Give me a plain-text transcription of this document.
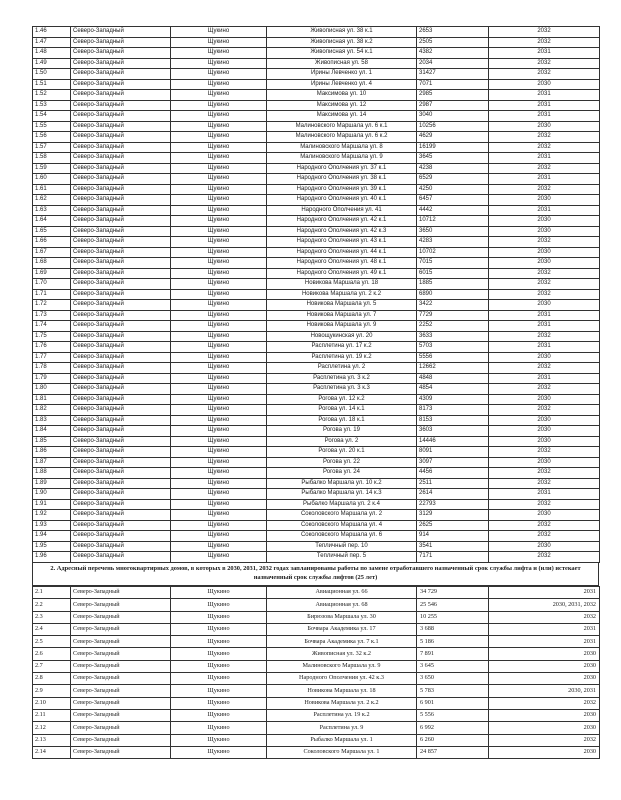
1.46	Северо-Западный	Щукино	Живописная ул. 38 к.1	2653	2032
1.47	Северо-Западный	Щукино	Живописная ул. 38 к.2	2505	2032
1.48	Северо-Западный	Щукино	Живописная ул. 54 к.1	4382	2031
1.49	Северо-Западный	Щукино	Живописная ул. 58	2034	2032
1.50	Северо-Западный	Щукино	Ирины Левченко ул. 1	31427	2032
1.51	Северо-Западный	Щукино	Ирины Левченко ул. 4	7071	2030
1.52	Северо-Западный	Щукино	Максимова ул. 10	2985	2031
1.53	Северо-Западный	Щукино	Максимова ул. 12	2987	2031
1.54	Северо-Западный	Щукино	Максимова ул. 14	3040	2031
1.55	Северо-Западный	Щукино	Малиновского Маршала ул. 6 к.1	10256	2030
1.56	Северо-Западный	Щукино	Малиновского Маршала ул. 6 к.2	4629	2032
1.57	Северо-Западный	Щукино	Малиновского Маршала ул. 8	16199	2032
1.58	Северо-Западный	Щукино	Малиновского Маршала ул. 9	3645	2031
1.59	Северо-Западный	Щукино	Народного Ополчения ул. 37 к.1	4238	2032
1.60	Северо-Западный	Щукино	Народного Ополчения ул. 38 к.1	6529	2031
1.61	Северо-Западный	Щукино	Народного Ополчения ул. 39 к.1	4250	2032
1.62	Северо-Западный	Щукино	Народного Ополчения ул. 40 к.1	6457	2030
1.63	Северо-Западный	Щукино	Народного Ополчения ул. 41	4442	2031
1.64	Северо-Западный	Щукино	Народного Ополчения ул. 42 к.1	10712	2030
1.65	Северо-Западный	Щукино	Народного Ополчения ул. 42 к.3	3650	2030
1.66	Северо-Западный	Щукино	Народного Ополчения ул. 43 к.1	4283	2032
1.67	Северо-Западный	Щукино	Народного Ополчения ул. 44 к.1	10702	2030
1.68	Северо-Западный	Щукино	Народного Ополчения ул. 48 к.1	7015	2030
1.69	Северо-Западный	Щукино	Народного Ополчения ул. 49 к.1	6015	2032
1.70	Северо-Западный	Щукино	Новикова Маршала ул. 18	1885	2032
1.71	Северо-Западный	Щукино	Новикова Маршала ул. 2 к.2	6890	2032
1.72	Северо-Западный	Щукино	Новикова Маршала ул. 5	3422	2030
1.73	Северо-Западный	Щукино	Новикова Маршала ул. 7	7729	2031
1.74	Северо-Западный	Щукино	Новикова Маршала ул. 9	2252	2031
1.75	Северо-Западный	Щукино	Новощукинская ул. 20	3633	2032
1.76	Северо-Западный	Щукино	Расплетина ул. 17 к.2	5703	2031
1.77	Северо-Западный	Щукино	Расплетина ул. 19 к.2	5556	2030
1.78	Северо-Западный	Щукино	Расплетина ул. 2	12662	2032
1.79	Северо-Западный	Щукино	Расплетина ул. 3 к.2	4848	2031
1.80	Северо-Западный	Щукино	Расплетина ул. 3 к.3	4854	2032
1.81	Северо-Западный	Щукино	Рогова ул. 12 к.2	4309	2030
1.82	Северо-Западный	Щукино	Рогова ул. 14 к.1	8173	2032
1.83	Северо-Западный	Щукино	Рогова ул. 18 к.1	8153	2030
1.84	Северо-Западный	Щукино	Рогова ул. 19	3603	2030
1.85	Северо-Западный	Щукино	Рогова ул. 2	14446	2030
1.86	Северо-Западный	Щукино	Рогова ул. 20 к.1	8091	2032
1.87	Северо-Западный	Щукино	Рогова ул. 22	3097	2030
1.88	Северо-Западный	Щукино	Рогова ул. 24	4456	2032
1.89	Северо-Западный	Щукино	Рыбалко Маршала ул. 10 к.2	2511	2032
1.90	Северо-Западный	Щукино	Рыбалко Маршала ул. 14 к.3	2614	2031
1.91	Северо-Западный	Щукино	Рыбалко Маршала ул. 2 к.4	22793	2032
1.92	Северо-Западный	Щукино	Соколовского Маршала ул. 2	3129	2030
1.93	Северо-Западный	Щукино	Соколовского Маршала ул. 4	2625	2032
1.94	Северо-Западный	Щукино	Соколовского Маршала ул. 6	914	2032
1.95	Северо-Западный	Щукино	Тепличный пер. 10	3541	2030
1.96	Северо-Западный	Щукино	Тепличный пер. 5	7171	2032
2. Адресный перечень многоквартирных домов, в которых в 2030, 2031, 2032 годах запланированы работы по замене отработавшего назначенный срок службы лифта и (или) истекает назначенный срок службы лифтов (25 лет)
2.1	Северо-Западный	Щукино	Авиационная ул. 66	34 729	2031
2.2	Северо-Западный	Щукино	Авиационная ул. 68	25 546	2030, 2031, 2032
2.3	Северо-Западный	Щукино	Бирюзова Маршала ул. 30	10 255	2032
2.4	Северо-Западный	Щукино	Бочвара Академика ул. 17	3 688	2031
2.5	Северо-Западный	Щукино	Бочвара Академика ул. 7 к.1	5 186	2031
2.6	Северо-Западный	Щукино	Живописная ул. 32 к.2	7 891	2030
2.7	Северо-Западный	Щукино	Малиновского Маршала ул. 9	3 645	2030
2.8	Северо-Западный	Щукино	Народного Ополчения ул. 42 к.3	3 650	2030
2.9	Северо-Западный	Щукино	Новикова Маршала ул. 18	5 783	2030, 2031
2.10	Северо-Западный	Щукино	Новикова Маршала ул. 2 к.2	6 901	2032
2.11	Северо-Западный	Щукино	Расплетина ул. 19 к.2	5 556	2030
2.12	Северо-Западный	Щукино	Расплетина ул. 9	6 992	2030
2.13	Северо-Западный	Щукино	Рыбалко Маршала ул. 1	6 260	2032
2.14	Северо-Западный	Щукино	Соколовского Маршала ул. 1	24 857	2030
